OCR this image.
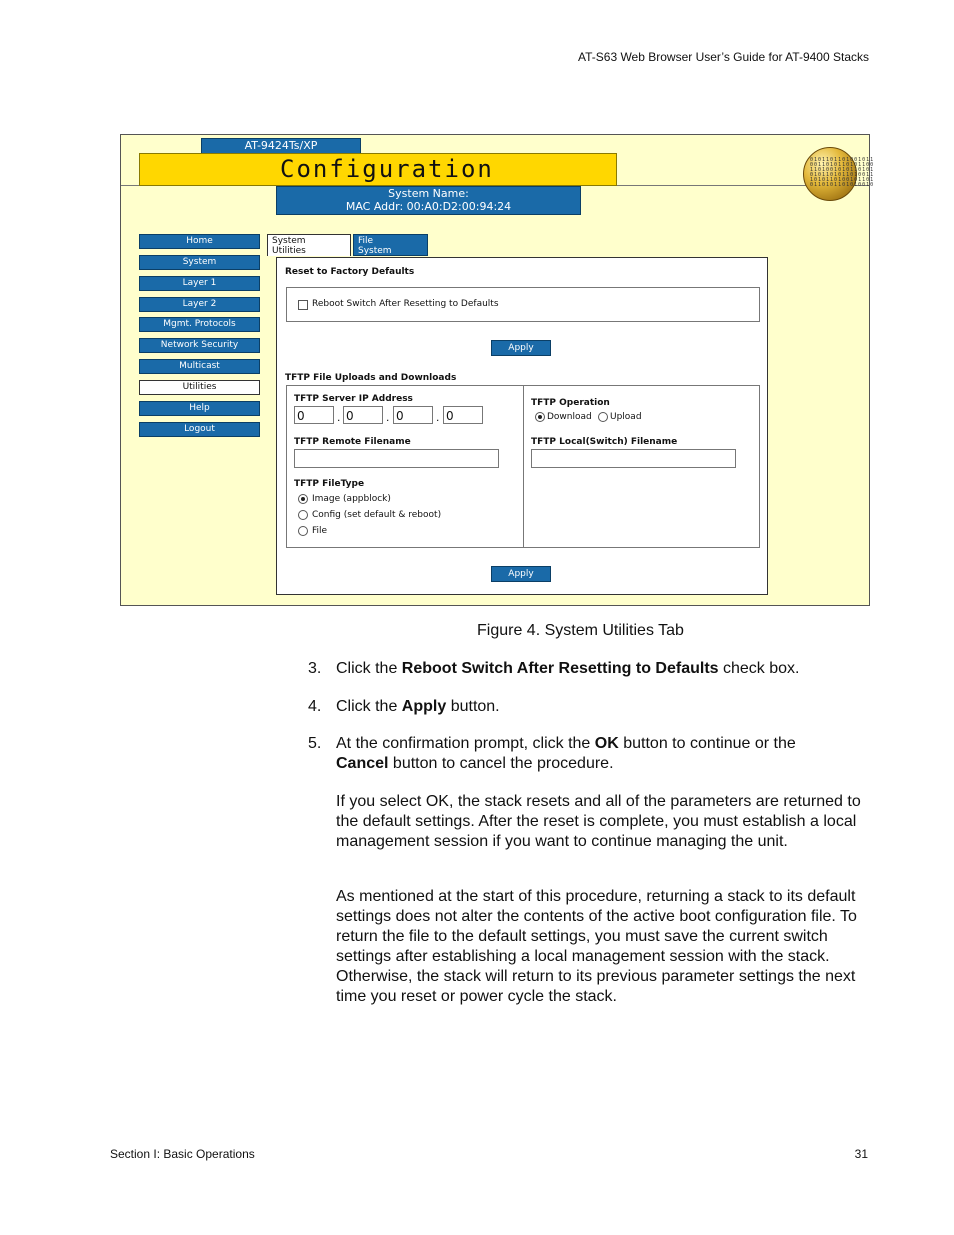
AT-S63 Web Browser User’s Guide for AT-9400 Stacks
AT-9424Ts/XP
Configuration
System Name:
MAC Addr: 00:A0:D2:00:94:24
0101101101001011 0011010110101100 1101001010110101 0101101011010011 1010110100101101 0110101101010010
Home
System
Layer 1
Layer 2
Mgmt. Protocols
Network Security
Multicast
Utilities
Help
Logout
System
Utilities
File
System
Reset to Factory Defaults
Reboot Switch After Resetting to Defaults
Apply
TFTP File Uploads and Downloads
TFTP Server IP Address
0	. 0	. 0	. 0
TFTP Remote Filename
TFTP FileType
Image (appblock)
Config (set default & reboot)
File
TFTP Operation
Download Upload
TFTP Local(Switch) Filename
Apply
Figure 4. System Utilities Tab
3. Click the Reboot Switch After Resetting to Defaults check box.
4. Click the Apply button.
5. At the confirmation prompt, click the OK button to continue or the Cancel button to cancel the procedure.
If you select OK, the stack resets and all of the parameters are returned to the default settings. After the reset is complete, you must establish a local management session if you want to continue managing the unit.
As mentioned at the start of this procedure, returning a stack to its default settings does not alter the contents of the active boot configuration file. To return the file to the default settings, you must save the current switch settings after establishing a local management session with the stack. Otherwise, the stack will return to its previous parameter settings the next time you reset or power cycle the stack.
Section I: Basic Operations	31
